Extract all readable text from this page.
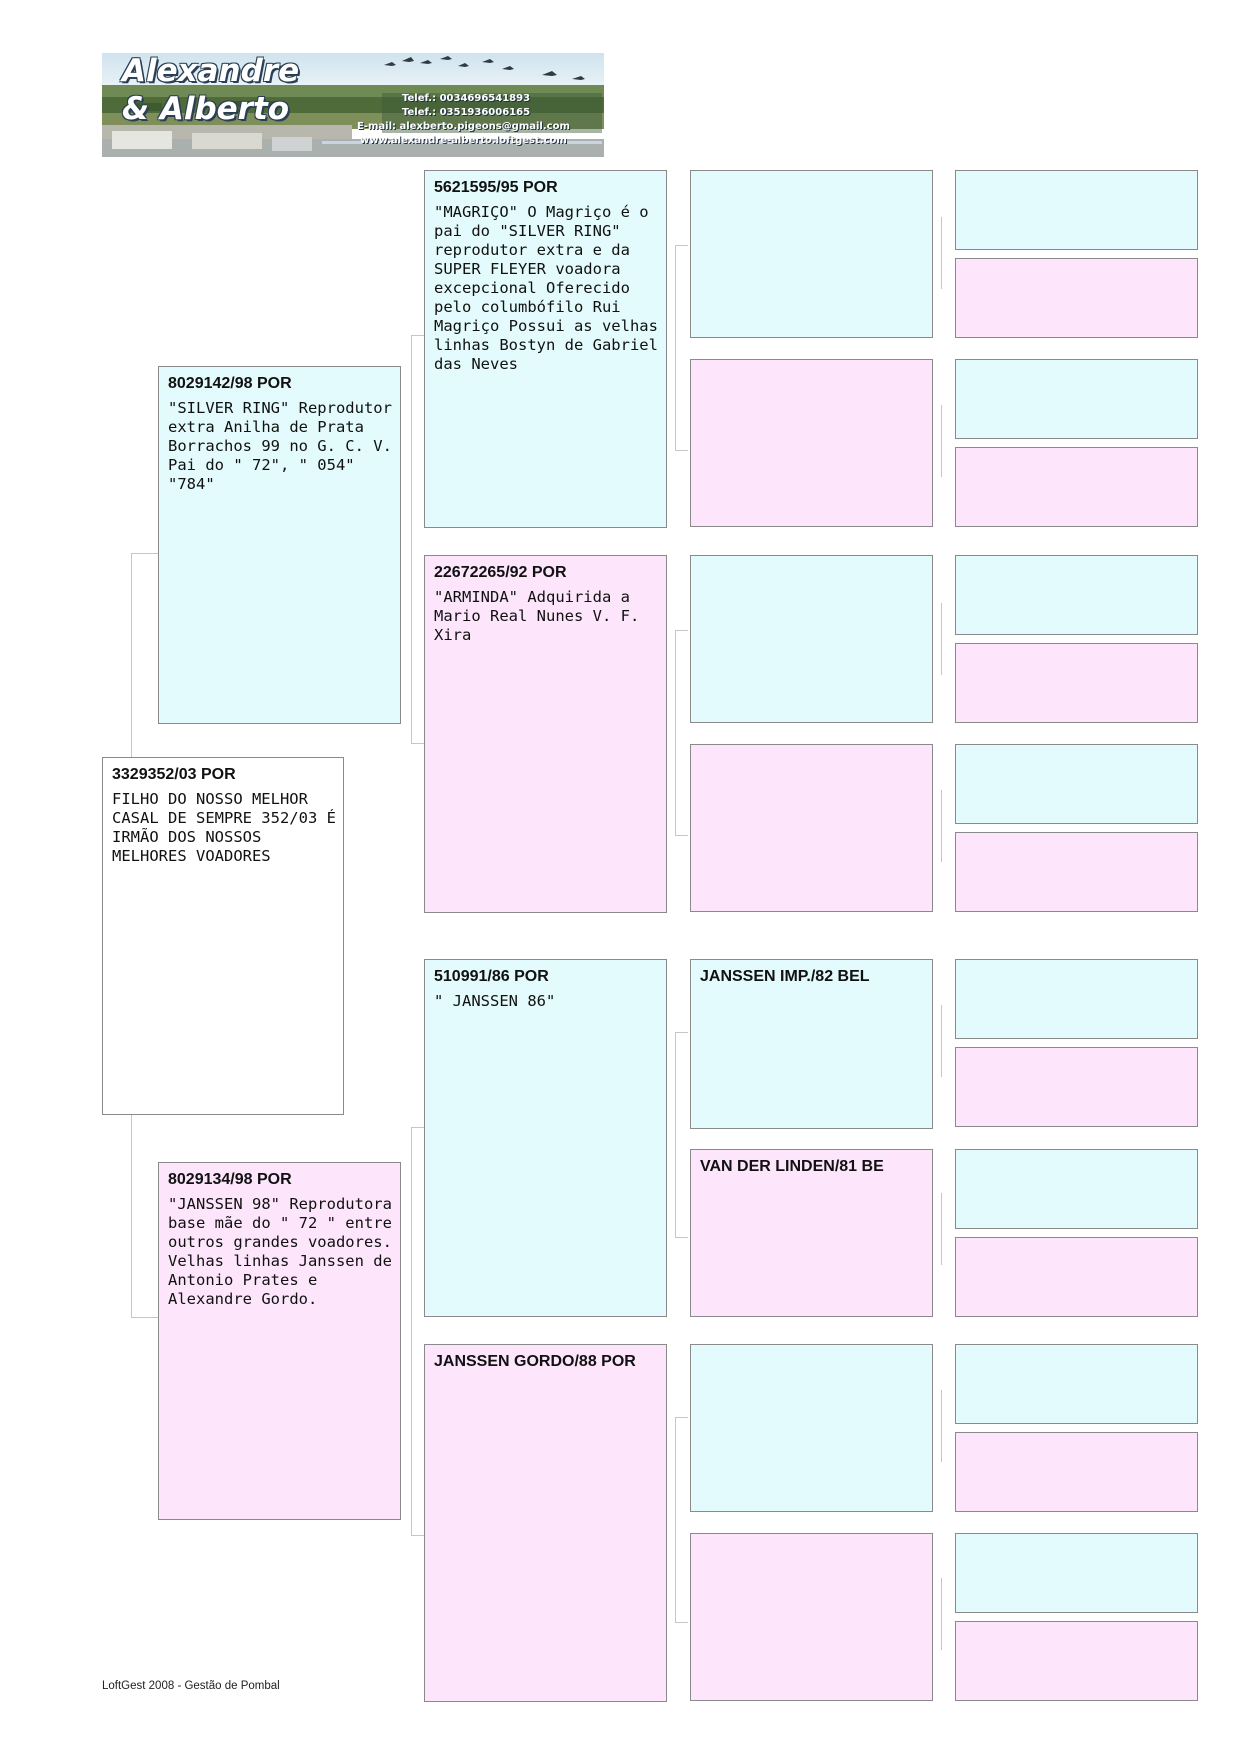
Alexandre
& Alberto	Telef.: 0034696541893
Telef.: 0351936006165
E-mail: alexberto.pigeons@gmail.com
www.alexandre-alberto.loftgest.com
3329352/03 POR
FILHO DO NOSSO MELHOR CASAL DE SEMPRE 352/03 É IRMÃO DOS NOSSOS MELHORES VOADORES
8029142/98 POR
"SILVER RING" Reprodutor extra Anilha de Prata Borrachos 99 no G. C. V. Pai do " 72", " 054" "784"
8029134/98 POR
"JANSSEN 98" Reprodutora base mãe do " 72 " entre outros grandes voadores. Velhas linhas Janssen de Antonio Prates e Alexandre Gordo.
5621595/95 POR
"MAGRIÇO" O Magriço é o pai do "SILVER RING" reprodutor extra e da SUPER FLEYER voadora excepcional Oferecido pelo columbófilo Rui Magriço Possui as velhas linhas Bostyn de Gabriel das Neves
22672265/92 POR
"ARMINDA" Adquirida a Mario Real Nunes V. F. Xira
510991/86 POR
" JANSSEN 86"
JANSSEN GORDO/88 POR
JANSSEN IMP./82 BEL
VAN DER LINDEN/81 BE
LoftGest 2008 - Gestão de Pombal
